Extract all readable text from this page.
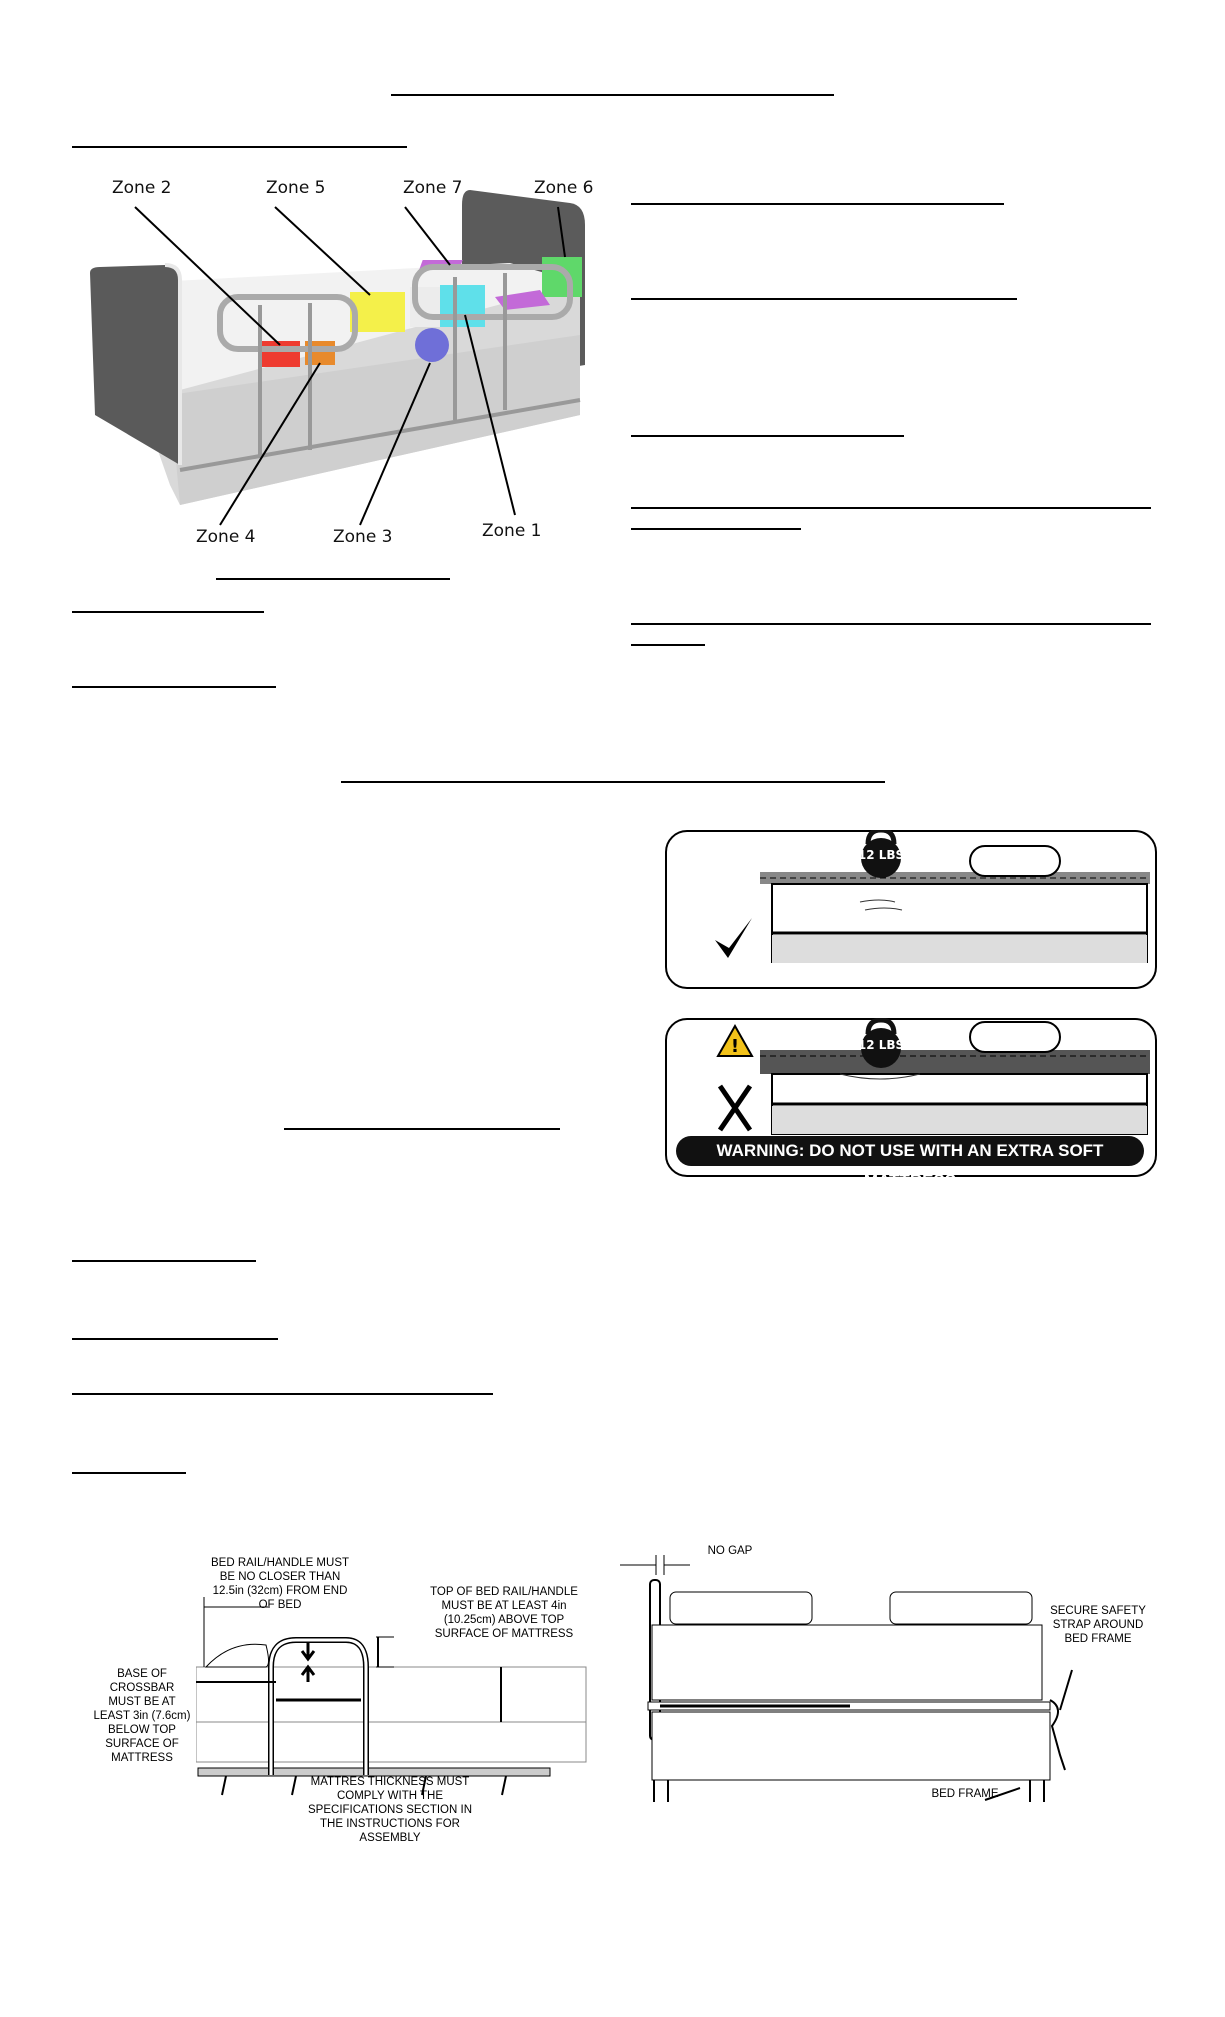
Zone 2	Zone 5	Zone 7	Zone 6
Zone 4	Zone 3	Zone 1
12 LBS
12 LBS
!
WARNING: DO NOT USE WITH AN EXTRA SOFT MATTRESS
BED RAIL/HANDLE MUST BE NO CLOSER THAN 12.5in (32cm) FROM END OF BED
TOP OF BED RAIL/HANDLE MUST BE AT LEAST 4in (10.25cm) ABOVE TOP SURFACE OF MATTRESS
BASE OF CROSSBAR MUST BE AT LEAST 3in (7.6cm) BELOW TOP SURFACE OF MATTRESS
MATTRES THICKNESS MUST COMPLY WITH THE SPECIFICATIONS SECTION IN THE INSTRUCTIONS FOR ASSEMBLY
NO GAP
SECURE SAFETY STRAP AROUND BED FRAME
BED FRAME
